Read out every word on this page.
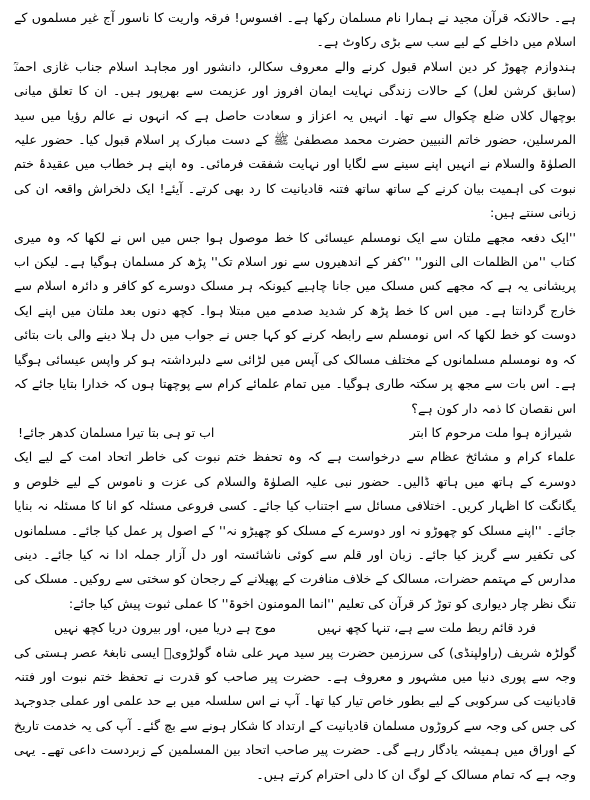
ہے۔ حالانکہ قرآن مجید نے ہمارا نام مسلمان رکھا ہے۔ افسوس! فرقہ واریت کا ناسور آج غیر مسلموں کے اسلام میں داخلے کے لیے سب سے بڑی رکاوٹ ہے۔

ہندوازم چھوڑ کر دین اسلام قبول کرنے والے معروف سکالر، دانشور اور مجاہد اسلام جناب غازی احمدؒ (سابق کرشن لعل) کے حالات زندگی نہایت ایمان افروز اور عزیمت سے بھرپور ہیں۔ ان کا تعلق میانی بوچھال کلاں ضلع چکوال سے تھا۔ انہیں یہ اعزاز و سعادت حاصل ہے کہ انہوں نے عالم رؤیا میں سید المرسلین، حضور خاتم النبیین حضرت محمد مصطفیٰ ﷺ کے دست مبارک پر اسلام قبول کیا۔ حضور علیہ الصلوٰۃ والسلام نے انہیں اپنے سینے سے لگایا اور نہایت شفقت فرمائی۔ وہ اپنے ہر خطاب میں عقیدۂ ختم نبوت کی اہمیت بیان کرنے کے ساتھ ساتھ فتنہ قادیانیت کا رد بھی کرتے۔ آیئے! ایک دلخراش واقعہ ان کی زبانی سنتے ہیں:

''ایک دفعہ مجھے ملتان سے ایک نومسلم عیسائی کا خط موصول ہوا جس میں اس نے لکھا کہ وہ میری کتاب ''من الظلمات الی النور'' ''کفر کے اندھیروں سے نور اسلام تک'' پڑھ کر مسلمان ہوگیا ہے۔ لیکن اب پریشانی یہ ہے کہ مجھے کس مسلک میں جانا چاہیے کیونکہ ہر مسلک دوسرے کو کافر و دائرہ اسلام سے خارج گردانتا ہے۔ میں اس کا خط پڑھ کر شدید صدمے میں مبتلا ہوا۔ کچھ دنوں بعد ملتان میں اپنے ایک دوست کو خط لکھا کہ اس نومسلم سے رابطہ کرنے کو کہا جس نے جواب میں دل ہلا دینے والی بات بتائی کہ وہ نومسلم مسلمانوں کے مختلف مسالک کی آپس میں لڑائی سے دلبرداشتہ ہو کر واپس عیسائی ہوگیا ہے۔ اس بات سے مجھ پر سکتہ طاری ہوگیا۔ میں تمام علمائے کرام سے پوچھتا ہوں کہ خدارا بتایا جائے کہ اس نقصان کا ذمہ دار کون ہے؟

شیرازہ ہوا ملت مرحوم کا ابتر
اب تو ہی بتا تیرا مسلمان کدھر جائے!

علماء کرام و مشائخ عظام سے درخواست ہے کہ وہ تحفظ ختم نبوت کی خاطر اتحاد امت کے لیے ایک دوسرے کے ہاتھ میں ہاتھ ڈالیں۔ حضور نبی علیہ الصلوٰۃ والسلام کی عزت و ناموس کے لیے خلوص و یگانگت کا اظہار کریں۔ اختلافی مسائل سے اجتناب کیا جائے۔ کسی فروعی مسئلہ کو انا کا مسئلہ نہ بنایا جائے۔ ''اپنے مسلک کو چھوڑو نہ اور دوسرے کے مسلک کو چھیڑو نہ'' کے اصول پر عمل کیا جائے۔ مسلمانوں کی تکفیر سے گریز کیا جائے۔ زبان اور قلم سے کوئی ناشائستہ اور دل آزار جملہ ادا نہ کیا جائے۔ دینی مدارس کے مہتمم حضرات، مسالک کے خلاف منافرت کے پھیلانے کے رجحان کو سختی سے روکیں۔ مسلک کی تنگ نظر چار دیواری کو توڑ کر قرآن کی تعلیم ''انما المومنون اخوۃ'' کا عملی ثبوت پیش کیا جائے:

فرد قائم ربط ملت سے ہے، تنہا کچھ نہیں
موج ہے دریا میں، اور بیرون دریا کچھ نہیں

گولڑہ شریف (راولپنڈی) کی سرزمین حضرت پیر سید مہر علی شاہ گولڑویؒ ایسی نابغۂ عصر ہستی کی وجہ سے پوری دنیا میں مشہور و معروف ہے۔ حضرت پیر صاحب کو قدرت نے تحفظ ختم نبوت اور فتنہ قادیانیت کی سرکوبی کے لیے بطور خاص تیار کیا تھا۔ آپ نے اس سلسلہ میں بے حد علمی اور عملی جدوجہد کی جس کی وجہ سے کروڑوں مسلمان قادیانیت کے ارتداد کا شکار ہونے سے بچ گئے۔ آپ کی یہ خدمت تاریخ کے اوراق میں ہمیشہ یادگار رہے گی۔ حضرت پیر صاحب اتحاد بین المسلمین کے زبردست داعی تھے۔ یہی وجہ ہے کہ تمام مسالک کے لوگ ان کا دلی احترام کرتے ہیں۔
